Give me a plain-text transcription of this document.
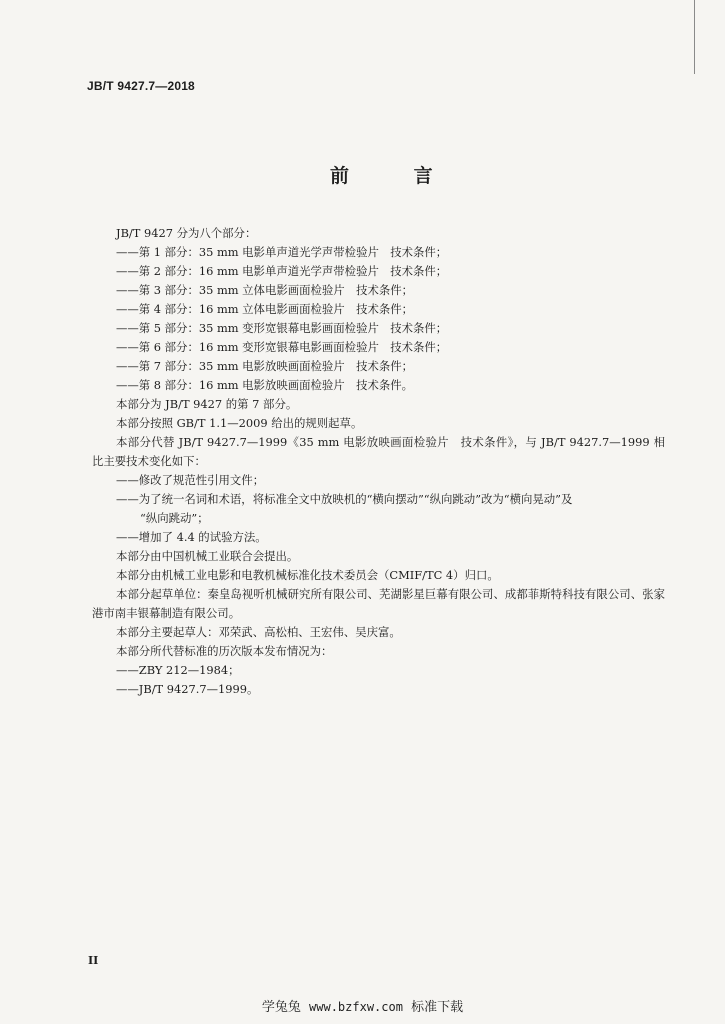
JB/T 9427.7—2018
前 言
JB/T 9427 分为八个部分：
——第 1 部分：35 mm 电影单声道光学声带检验片　技术条件；
——第 2 部分：16 mm 电影单声道光学声带检验片　技术条件；
——第 3 部分：35 mm 立体电影画面检验片　技术条件；
——第 4 部分：16 mm 立体电影画面检验片　技术条件；
——第 5 部分：35 mm 变形宽银幕电影画面检验片　技术条件；
——第 6 部分：16 mm 变形宽银幕电影画面检验片　技术条件；
——第 7 部分：35 mm 电影放映画面检验片　技术条件；
——第 8 部分：16 mm 电影放映画面检验片　技术条件。
本部分为 JB/T 9427 的第 7 部分。
本部分按照 GB/T 1.1—2009 给出的规则起草。
本部分代替 JB/T 9427.7—1999《35 mm 电影放映画面检验片　技术条件》，与 JB/T 9427.7—1999 相比主要技术变化如下：
——修改了规范性引用文件；
——为了统一名词和术语，将标准全文中放映机的“横向摆动”“纵向跳动”改为“横向晃动”及
“纵向跳动”；
——增加了 4.4 的试验方法。
本部分由中国机械工业联合会提出。
本部分由机械工业电影和电教机械标准化技术委员会（CMIF/TC 4）归口。
本部分起草单位：秦皇岛视听机械研究所有限公司、芜湖影星巨幕有限公司、成都菲斯特科技有限公司、张家港市南丰银幕制造有限公司。
本部分主要起草人：邓荣武、高松柏、王宏伟、吴庆富。
本部分所代替标准的历次版本发布情况为：
——ZBY 212—1984；
——JB/T 9427.7—1999。
II
学兔兔 www.bzfxw.com 标准下载
